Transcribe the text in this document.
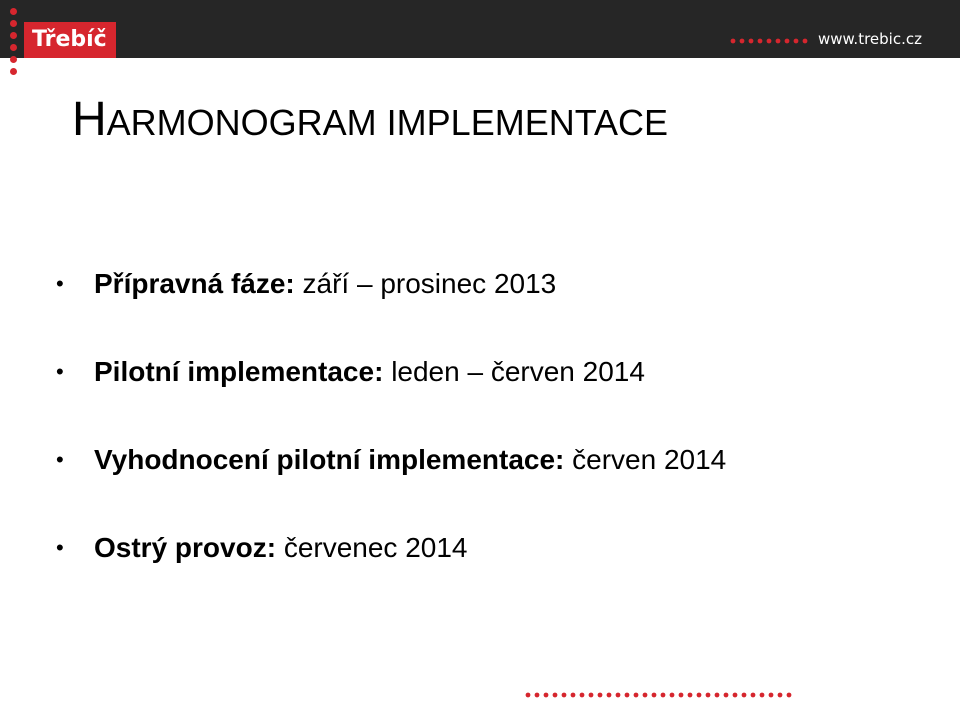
Třebíč	www.trebic.cz
HARMONOGRAM IMPLEMENTACE
• Přípravná fáze: září – prosinec 2013
• Pilotní implementace: leden – červen 2014
• Vyhodnocení pilotní implementace: červen 2014
• Ostrý provoz: červenec 2014
